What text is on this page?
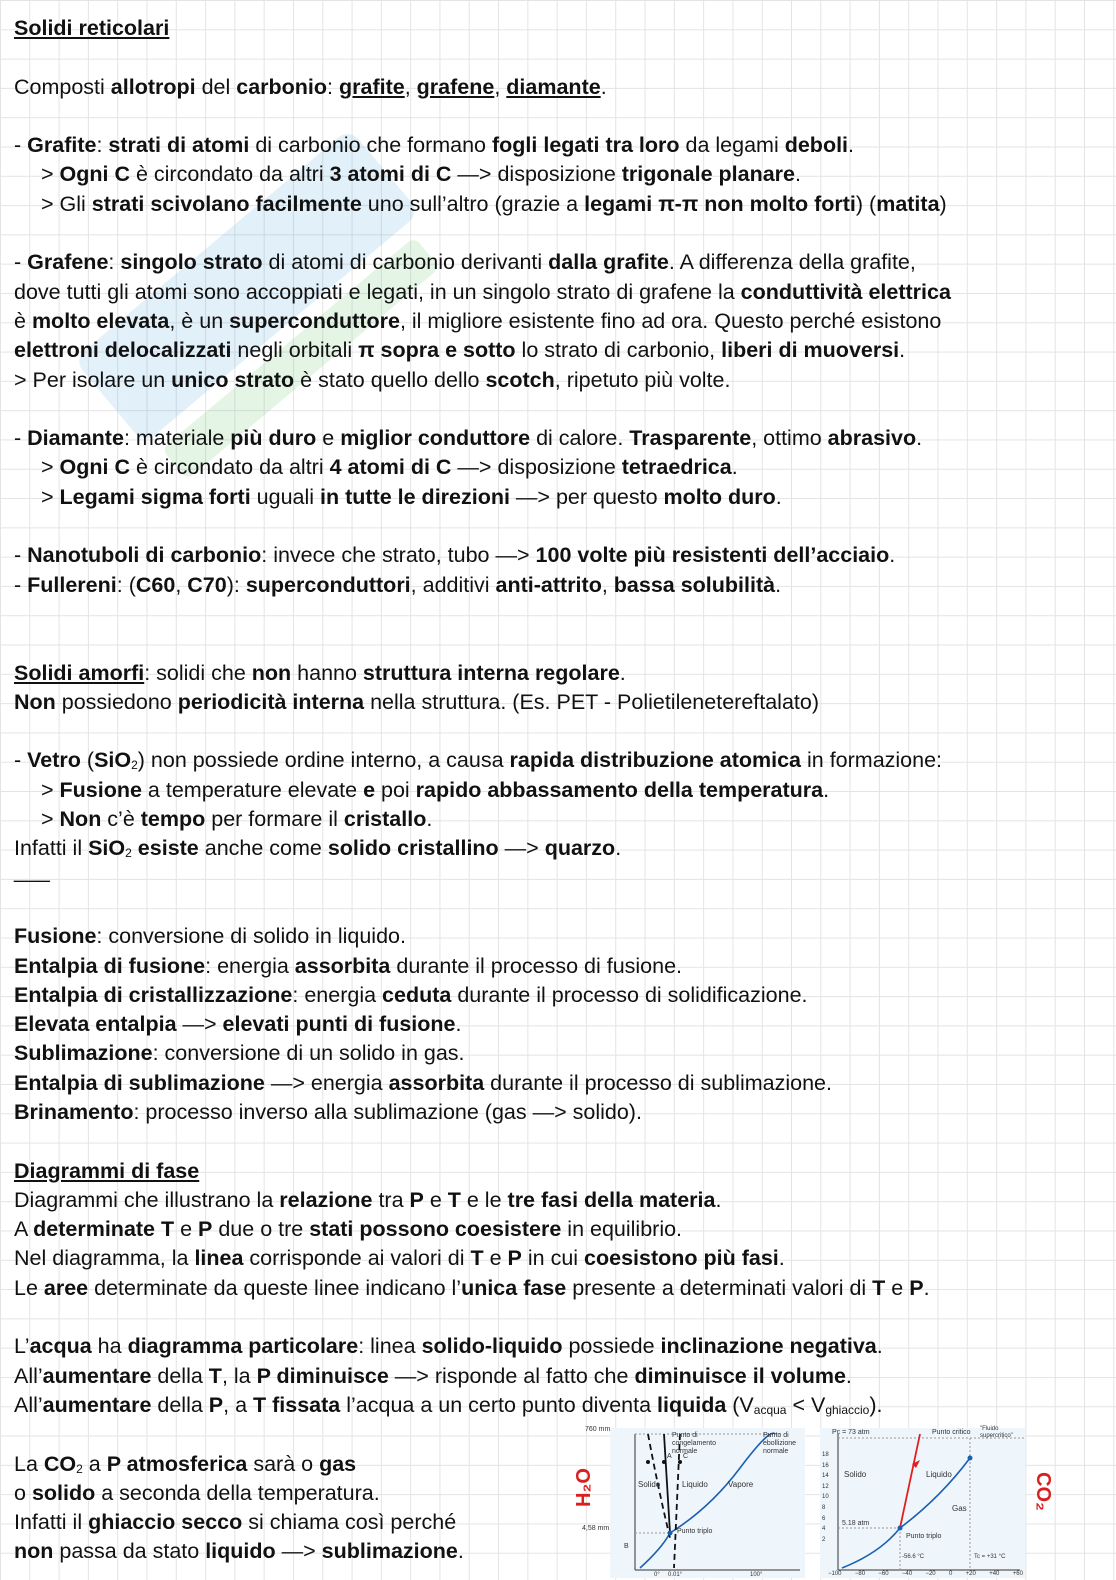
Solidi reticolari
Composti allotropi del carbonio: grafite, grafene, diamante.
- Grafite: strati di atomi di carbonio che formano fogli legati tra loro da legami deboli.
> Ogni C è circondato da altri 3 atomi di C —> disposizione trigonale planare.
> Gli strati scivolano facilmente uno sull’altro (grazie a legami π-π non molto forti) (matita)
- Grafene: singolo strato di atomi di carbonio derivanti dalla grafite. A differenza della grafite,
dove tutti gli atomi sono accoppiati e legati, in un singolo strato di grafene la conduttività elettrica
è molto elevata, è un superconduttore, il migliore esistente fino ad ora. Questo perché esistono
elettroni delocalizzati negli orbitali π sopra e sotto lo strato di carbonio, liberi di muoversi.
> Per isolare un unico strato è stato quello dello scotch, ripetuto più volte.
- Diamante: materiale più duro e miglior conduttore di calore. Trasparente, ottimo abrasivo.
> Ogni C è circondato da altri 4 atomi di C —> disposizione tetraedrica.
> Legami sigma forti uguali in tutte le direzioni —> per questo molto duro.
- Nanotuboli di carbonio: invece che strato, tubo —> 100 volte più resistenti dell’acciaio.
- Fullereni: (C60, C70): superconduttori, additivi anti-attrito, bassa solubilità.
Solidi amorfi: solidi che non hanno struttura interna regolare.
Non possiedono periodicità interna nella struttura. (Es. PET - Polietilenetereftalato)
- Vetro (SiO$_2$) non possiede ordine interno, a causa rapida distribuzione atomica in formazione:
> Fusione a temperature elevate e poi rapido abbassamento della temperatura.
> Non c’è tempo per formare il cristallo.
Infatti il SiO$_2$ esiste anche come solido cristallino —> quarzo.
___
Fusione: conversione di solido in liquido.
Entalpia di fusione: energia assorbita durante il processo di fusione.
Entalpia di cristallizzazione: energia ceduta durante il processo di solidificazione.
Elevata entalpia —> elevati punti di fusione.
Sublimazione: conversione di un solido in gas.
Entalpia di sublimazione —> energia assorbita durante il processo di sublimazione.
Brinamento: processo inverso alla sublimazione (gas —> solido).
Diagrammi di fase
Diagrammi che illustrano la relazione tra P e T e le tre fasi della materia.
A determinate T e P due o tre stati possono coesistere in equilibrio.
Nel diagramma, la linea corrisponde ai valori di T e P in cui coesistono più fasi.
Le aree determinate da queste linee indicano l’unica fase presente a determinati valori di T e P.
L’acqua ha diagramma particolare: linea solido-liquido possiede inclinazione negativa.
All’aumentare della T, la P diminuisce —> risponde al fatto che diminuisce il volume.
All’aumentare della P, a T fissata l’acqua a un certo punto diventa liquida $(V_{acqua} < V_{ghiaccio})$.
La $CO_2$ a P atmosferica sarà o gas
o solido a seconda della temperatura.
Infatti il ghiaccio secco si chiama così perché
non passa da stato liquido —> sublimazione.
H₂O
760 mm
4,58 mm
Punto di congelamento normale
Punto di ebollizione normale
Solido	Liquido	Vapore
Punto triplo
A
B
C
0° 0.01°	100°
Pc = 73 atm	Punto critico "Fluido supercritico"
Solido	Liquido
Gas
5.18 atm
Punto triplo
-56.6 °C	Tc = +31 °C
18
16
14
12
10
8
6
4
2
−100 −80 −60 −40 −20 0 +20 +40 +60
CO₂
